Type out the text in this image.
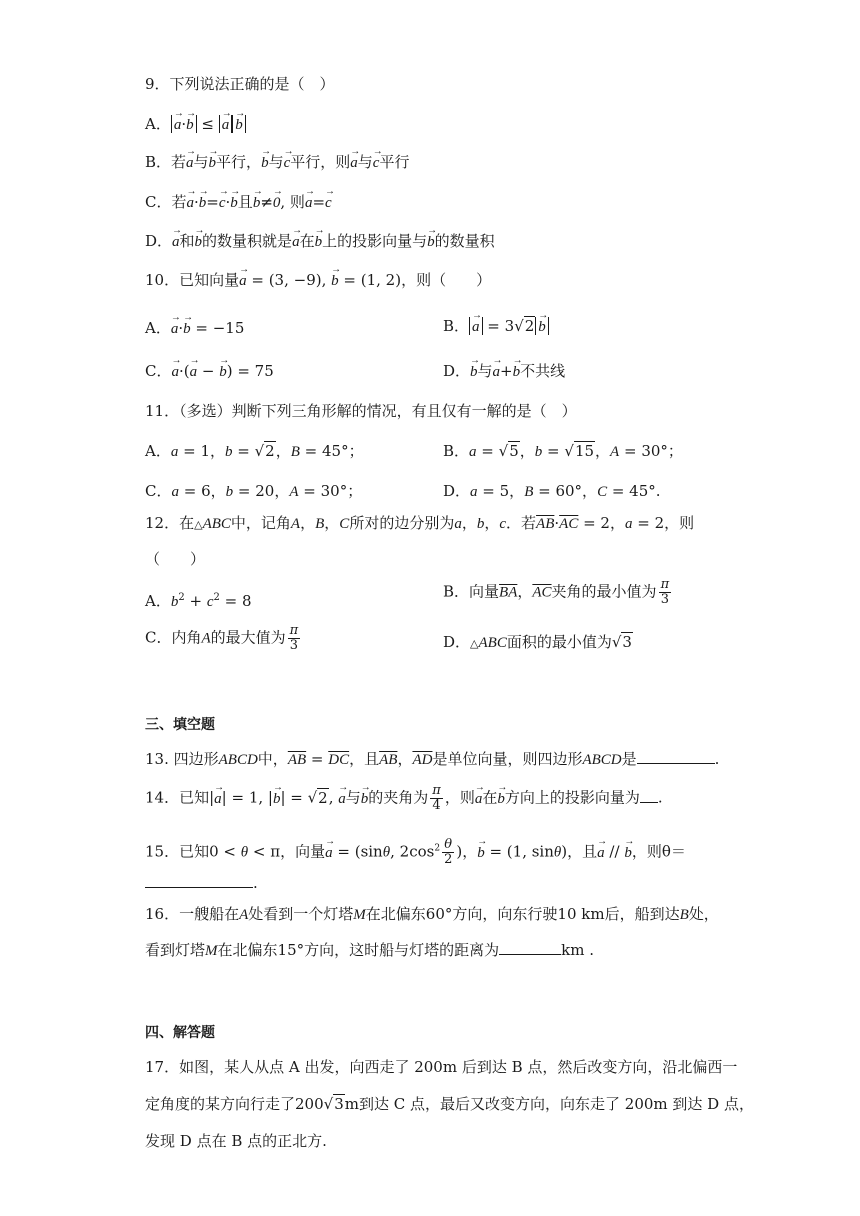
9．下列说法正确的是（　）
A． → a·→ b ≤ → a → b
B．若→ a与→ b平行，→ b与→ c平行，则→ a与→ c平行
C．若→ a·→ b=→ c·→ b且→ b≠→ 0, 则→ a=→ c
D．→ a和→ b的数量积就是→ a在→ b上的投影向量与→ b的数量积
10．已知向量→ a = (3, −9), → b = (1, 2)，则（　　）
A．→ a·→ b = −15	B． → a = 3√2 → b
C．→ a·(→ a − → b) = 75	D．→ b与→ a+→ b不共线
11．（多选）判断下列三角形解的情况，有且仅有一解的是（　）
A．a = 1，b = √2，B = 45°；	B．a = √5，b = √15，A = 30°；
C．a = 6，b = 20，A = 30°；	D．a = 5，B = 60°，C = 45°.
12．在△ABC中，记角A，B，C所对的边分别为a，b，c．若$\overline{AB}\cdot\overline{AC} = 2$，a = 2，则
（　　）
A．$b^2 + c^2 = 8$
B．向量$\overline{BA}$，$\overline{AC}$夹角的最小值为 $\frac{\pi}{3}$
C．内角A的最大值为 $\frac{\pi}{3}$	D．△ABC面积的最小值为√3
三、填空题
13. 四边形ABCD中，$\overline{AB} = \overline{DC}$，且$\overline{AB}$，$\overline{AD}$是单位向量，则四边形ABCD是	.
14．已知|→ a| = 1, |→ b| = √2, → a与→ b的夹角为 $\frac{\pi}{4}$ ，则→ a在→ b方向上的投影向量为 .
15．已知0 < θ < π，向量→ a = (sinθ, $2\cos^2 \frac{\theta}{2}$ )，→ b = (1, sinθ)，且→ a // → b，则θ＝
.
16．一艘船在A处看到一个灯塔M在北偏东60°方向，向东行驶10 km后，船到达B处，
看到灯塔M在北偏东15°方向，这时船与灯塔的距离为	km .
四、解答题
17．如图，某人从点 A 出发，向西走了 200m 后到达 B 点，然后改变方向，沿北偏西一
定角度的某方向行走了200√3m到达 C 点，最后又改变方向，向东走了 200m 到达 D 点，
发现 D 点在 B 点的正北方.
